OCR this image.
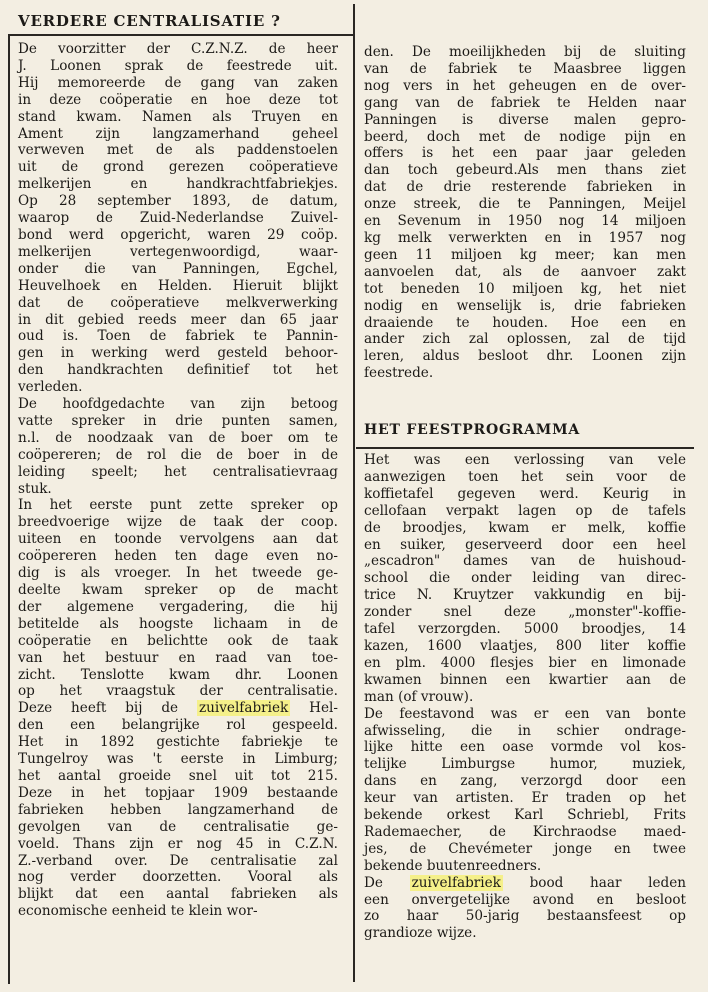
VERDERE CENTRALISATIE ?
De voorzitter der C.Z.N.Z. de heer
J. Loonen sprak de feestrede uit.
Hij memoreerde de gang van zaken
in deze coöperatie en hoe deze tot
stand kwam. Namen als Truyen en
Ament zijn langzamerhand geheel
verweven met de als paddenstoelen
uit de grond gerezen coöperatieve
melkerijen en handkrachtfabriekjes.
Op 28 september 1893, de datum,
waarop de Zuid-Nederlandse Zuivel-
bond werd opgericht, waren 29 coöp.
melkerijen vertegenwoordigd, waar-
onder die van Panningen, Egchel,
Heuvelhoek en Helden. Hieruit blijkt
dat de coöperatieve melkverwerking
in dit gebied reeds meer dan 65 jaar
oud is. Toen de fabriek te Pannin-
gen in werking werd gesteld behoor-
den handkrachten definitief tot het
verleden.
De hoofdgedachte van zijn betoog
vatte spreker in drie punten samen,
n.l. de noodzaak van de boer om te
coöpereren; de rol die de boer in de
leiding speelt; het centralisatievraag
stuk.
In het eerste punt zette spreker op
breedvoerige wijze de taak der coop.
uiteen en toonde vervolgens aan dat
coöpereren heden ten dage even no-
dig is als vroeger. In het tweede ge-
deelte kwam spreker op de macht
der algemene vergadering, die hij
betitelde als hoogste lichaam in de
coöperatie en belichtte ook de taak
van het bestuur en raad van toe-
zicht. Tenslotte kwam dhr. Loonen
op het vraagstuk der centralisatie.
Deze heeft bij de zuivelfabriek Hel-
den een belangrijke rol gespeeld.
Het in 1892 gestichte fabriekje te
Tungelroy was 't eerste in Limburg;
het aantal groeide snel uit tot 215.
Deze in het topjaar 1909 bestaande
fabrieken hebben langzamerhand de
gevolgen van de centralisatie ge-
voeld. Thans zijn er nog 45 in C.Z.N.
Z.-verband over. De centralisatie zal
nog verder doorzetten. Vooral als
blijkt dat een aantal fabrieken als
economische eenheid te klein wor-
den. De moeilijkheden bij de sluiting
van de fabriek te Maasbree liggen
nog vers in het geheugen en de over-
gang van de fabriek te Helden naar
Panningen is diverse malen gepro-
beerd, doch met de nodige pijn en
offers is het een paar jaar geleden
dan toch gebeurd.Als men thans ziet
dat de drie resterende fabrieken in
onze streek, die te Panningen, Meijel
en Sevenum in 1950 nog 14 miljoen
kg melk verwerkten en in 1957 nog
geen 11 miljoen kg meer; kan men
aanvoelen dat, als de aanvoer zakt
tot beneden 10 miljoen kg, het niet
nodig en wenselijk is, drie fabrieken
draaiende te houden. Hoe een en
ander zich zal oplossen, zal de tijd
leren, aldus besloot dhr. Loonen zijn
feestrede.
HET FEESTPROGRAMMA
Het was een verlossing van vele
aanwezigen toen het sein voor de
koffietafel gegeven werd. Keurig in
cellofaan verpakt lagen op de tafels
de broodjes, kwam er melk, koffie
en suiker, geserveerd door een heel
„escadron" dames van de huishoud-
school die onder leiding van direc-
trice N. Kruytzer vakkundig en bij-
zonder snel deze „monster"-koffie-
tafel verzorgden. 5000 broodjes, 14
kazen, 1600 vlaatjes, 800 liter koffie
en plm. 4000 flesjes bier en limonade
kwamen binnen een kwartier aan de
man (of vrouw).
De feestavond was er een van bonte
afwisseling, die in schier ondrage-
lijke hitte een oase vormde vol kos-
telijke Limburgse humor, muziek,
dans en zang, verzorgd door een
keur van artisten. Er traden op het
bekende orkest Karl Schriebl, Frits
Rademaecher, de Kirchraodse maed-
jes, de Chevémeter jonge en twee
bekende buutenreedners.
De zuivelfabriek bood haar leden
een onvergetelijke avond en besloot
zo haar 50-jarig bestaansfeest op
grandioze wijze.
